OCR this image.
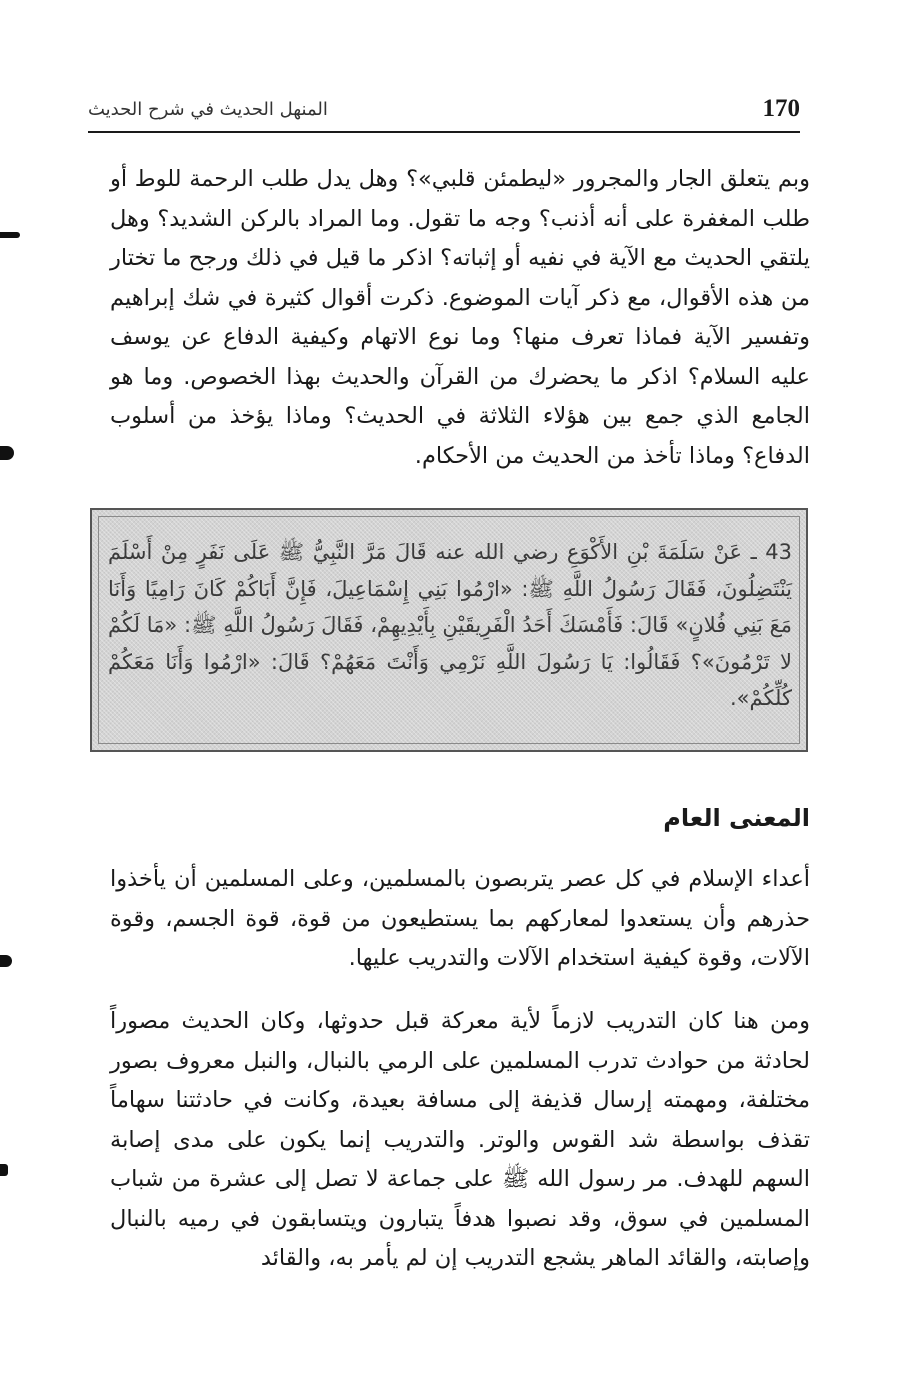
170
المنهل الحديث في شرح الحديث

وبم يتعلق الجار والمجرور «ليطمئن قلبي»؟ وهل يدل طلب الرحمة للوط أو طلب المغفرة على أنه أذنب؟ وجه ما تقول. وما المراد بالركن الشديد؟ وهل يلتقي الحديث مع الآية في نفيه أو إثباته؟ اذكر ما قيل في ذلك ورجح ما تختار من هذه الأقوال، مع ذكر آيات الموضوع. ذكرت أقوال كثيرة في شك إبراهيم وتفسير الآية فماذا تعرف منها؟ وما نوع الاتهام وكيفية الدفاع عن يوسف عليه السلام؟ اذكر ما يحضرك من القرآن والحديث بهذا الخصوص. وما هو الجامع الذي جمع بين هؤلاء الثلاثة في الحديث؟ وماذا يؤخذ من أسلوب الدفاع؟ وماذا تأخذ من الحديث من الأحكام.

43 ـ عَنْ سَلَمَةَ بْنِ الأَكْوَعِ رضي الله عنه قَالَ مَرَّ النَّبِيُّ ﷺ عَلَى نَفَرٍ مِنْ أَسْلَمَ يَنْتَضِلُونَ، فَقَالَ رَسُولُ اللَّهِ ﷺ: «ارْمُوا بَنِي إِسْمَاعِيلَ، فَإِنَّ أَبَاكُمْ كَانَ رَامِيًا وَأَنَا مَعَ بَنِي فُلانٍ» قَالَ: فَأَمْسَكَ أَحَدُ الْفَرِيقَيْنِ بِأَيْدِيهِمْ، فَقَالَ رَسُولُ اللَّهِ ﷺ: «مَا لَكُمْ لا تَرْمُونَ»؟ فَقَالُوا: يَا رَسُولَ اللَّهِ نَرْمِي وَأَنْتَ مَعَهُمْ؟ قَالَ: «ارْمُوا وَأَنَا مَعَكُمْ كُلِّكُمْ».

المعنى العام

أعداء الإسلام في كل عصر يتربصون بالمسلمين، وعلى المسلمين أن يأخذوا حذرهم وأن يستعدوا لمعاركهم بما يستطيعون من قوة، قوة الجسم، وقوة الآلات، وقوة كيفية استخدام الآلات والتدريب عليها.

ومن هنا كان التدريب لازماً لأية معركة قبل حدوثها، وكان الحديث مصوراً لحادثة من حوادث تدرب المسلمين على الرمي بالنبال، والنبل معروف بصور مختلفة، ومهمته إرسال قذيفة إلى مسافة بعيدة، وكانت في حادثتنا سهاماً تقذف بواسطة شد القوس والوتر. والتدريب إنما يكون على مدى إصابة السهم للهدف. مر رسول الله ﷺ على جماعة لا تصل إلى عشرة من شباب المسلمين في سوق، وقد نصبوا هدفاً يتبارون ويتسابقون في رميه بالنبال وإصابته، والقائد الماهر يشجع التدريب إن لم يأمر به، والقائد
